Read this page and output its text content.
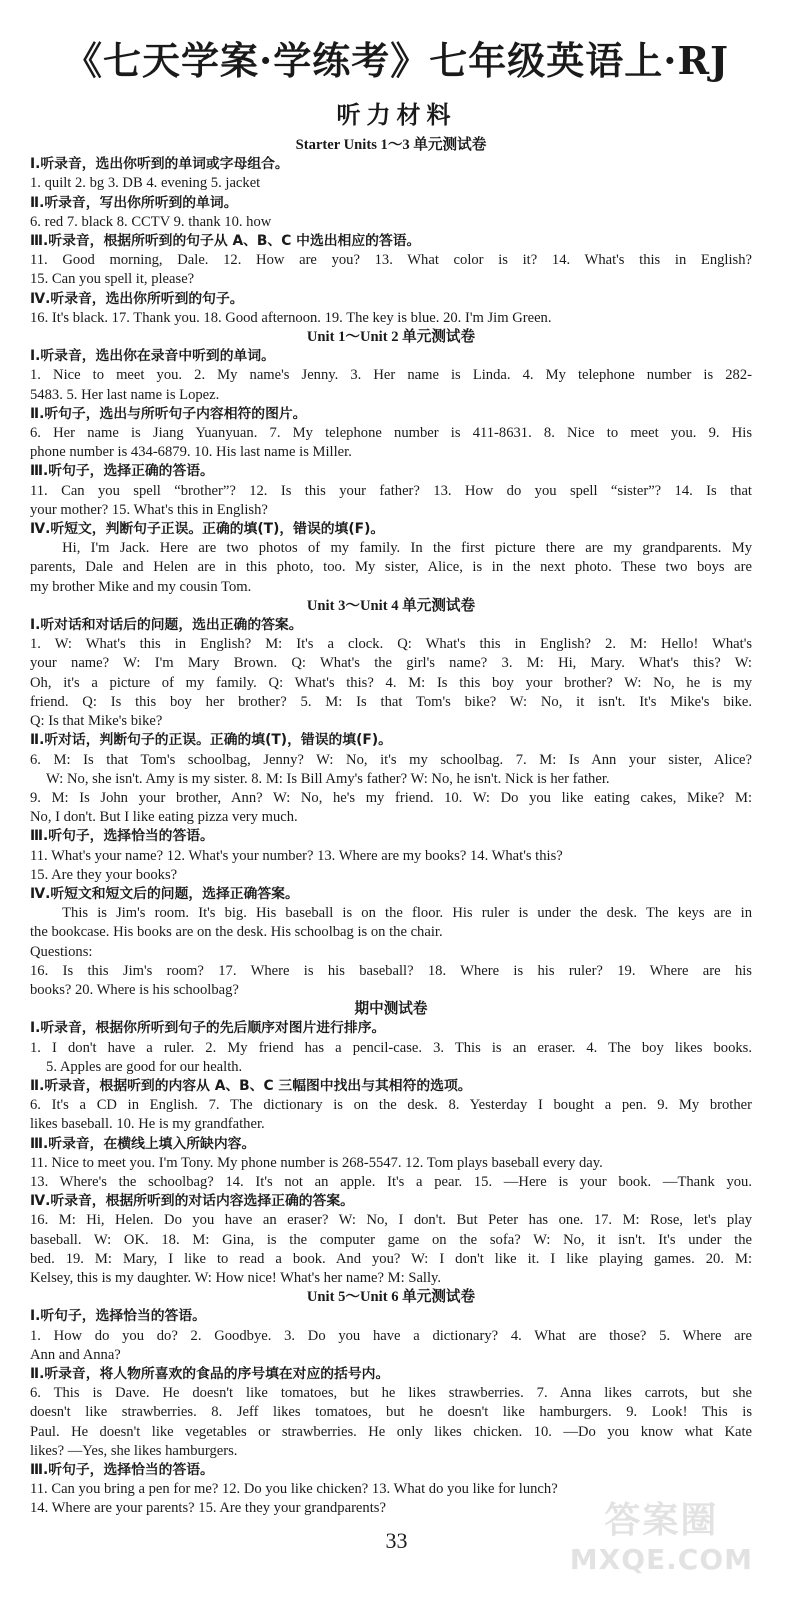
《七天学案·学练考》七年级英语上·RJ
听力材料
Starter Units 1～3 单元测试卷
Ⅰ.听录音，选出你听到的单词或字母组合。
1. quilt 2. bg 3. DB 4. evening 5. jacket
Ⅱ.听录音，写出你所听到的单词。
6. red 7. black 8. CCTV 9. thank 10. how
Ⅲ.听录音，根据所听到的句子从 A、B、C 中选出相应的答语。
11. Good morning, Dale. 12. How are you? 13. What color is it? 14. What's this in English?
15. Can you spell it, please?
Ⅳ.听录音，选出你所听到的句子。
16. It's black. 17. Thank you. 18. Good afternoon. 19. The key is blue. 20. I'm Jim Green.
Unit 1～Unit 2 单元测试卷
Ⅰ.听录音，选出你在录音中听到的单词。
1. Nice to meet you. 2. My name's Jenny. 3. Her name is Linda. 4. My telephone number is 282-
5483. 5. Her last name is Lopez.
Ⅱ.听句子，选出与所听句子内容相符的图片。
6. Her name is Jiang Yuanyuan. 7. My telephone number is 411-8631. 8. Nice to meet you. 9. His
phone number is 434-6879. 10. His last name is Miller.
Ⅲ.听句子，选择正确的答语。
11. Can you spell “brother”? 12. Is this your father? 13. How do you spell “sister”? 14. Is that
your mother? 15. What's this in English?
Ⅳ.听短文，判断句子正误。正确的填(T)，错误的填(F)。
Hi, I'm Jack. Here are two photos of my family. In the first picture there are my grandparents. My
parents, Dale and Helen are in this photo, too. My sister, Alice, is in the next photo. These two boys are
my brother Mike and my cousin Tom.
Unit 3～Unit 4 单元测试卷
Ⅰ.听对话和对话后的问题，选出正确的答案。
1. W: What's this in English? M: It's a clock. Q: What's this in English? 2. M: Hello! What's
your name? W: I'm Mary Brown. Q: What's the girl's name? 3. M: Hi, Mary. What's this? W:
Oh, it's a picture of my family. Q: What's this? 4. M: Is this boy your brother? W: No, he is my
friend. Q: Is this boy her brother? 5. M: Is that Tom's bike? W: No, it isn't. It's Mike's bike.
Q: Is that Mike's bike?
Ⅱ.听对话，判断句子的正误。正确的填(T)，错误的填(F)。
6. M: Is that Tom's schoolbag, Jenny? W: No, it's my schoolbag. 7. M: Is Ann your sister, Alice?
W: No, she isn't. Amy is my sister. 8. M: Is Bill Amy's father? W: No, he isn't. Nick is her father.
9. M: Is John your brother, Ann? W: No, he's my friend. 10. W: Do you like eating cakes, Mike? M:
No, I don't. But I like eating pizza very much.
Ⅲ.听句子，选择恰当的答语。
11. What's your name? 12. What's your number? 13. Where are my books? 14. What's this?
15. Are they your books?
Ⅳ.听短文和短文后的问题，选择正确答案。
This is Jim's room. It's big. His baseball is on the floor. His ruler is under the desk. The keys are in
the bookcase. His books are on the desk. His schoolbag is on the chair.
Questions:
16. Is this Jim's room? 17. Where is his baseball? 18. Where is his ruler? 19. Where are his
books? 20. Where is his schoolbag?
期中测试卷
Ⅰ.听录音，根据你所听到句子的先后顺序对图片进行排序。
1. I don't have a ruler. 2. My friend has a pencil-case. 3. This is an eraser. 4. The boy likes books.
5. Apples are good for our health.
Ⅱ.听录音，根据听到的内容从 A、B、C 三幅图中找出与其相符的选项。
6. It's a CD in English. 7. The dictionary is on the desk. 8. Yesterday I bought a pen. 9. My brother
likes baseball. 10. He is my grandfather.
Ⅲ.听录音，在横线上填入所缺内容。
11. Nice to meet you. I'm Tony. My phone number is 268-5547. 12. Tom plays baseball every day.
13. Where's the schoolbag? 14. It's not an apple. It's a pear. 15. —Here is your book. —Thank you.
Ⅳ.听录音，根据所听到的对话内容选择正确的答案。
16. M: Hi, Helen. Do you have an eraser? W: No, I don't. But Peter has one. 17. M: Rose, let's play
baseball. W: OK. 18. M: Gina, is the computer game on the sofa? W: No, it isn't. It's under the
bed. 19. M: Mary, I like to read a book. And you? W: I don't like it. I like playing games. 20. M:
Kelsey, this is my daughter. W: How nice! What's her name? M: Sally.
Unit 5～Unit 6 单元测试卷
Ⅰ.听句子，选择恰当的答语。
1. How do you do? 2. Goodbye. 3. Do you have a dictionary? 4. What are those? 5. Where are
Ann and Anna?
Ⅱ.听录音，将人物所喜欢的食品的序号填在对应的括号内。
6. This is Dave. He doesn't like tomatoes, but he likes strawberries. 7. Anna likes carrots, but she
doesn't like strawberries. 8. Jeff likes tomatoes, but he doesn't like hamburgers. 9. Look! This is
Paul. He doesn't like vegetables or strawberries. He only likes chicken. 10. —Do you know what Kate
likes? —Yes, she likes hamburgers.
Ⅲ.听句子，选择恰当的答语。
11. Can you bring a pen for me? 12. Do you like chicken? 13. What do you like for lunch?
14. Where are your parents? 15. Are they your grandparents?
33	答案圈
MXQE.COM
